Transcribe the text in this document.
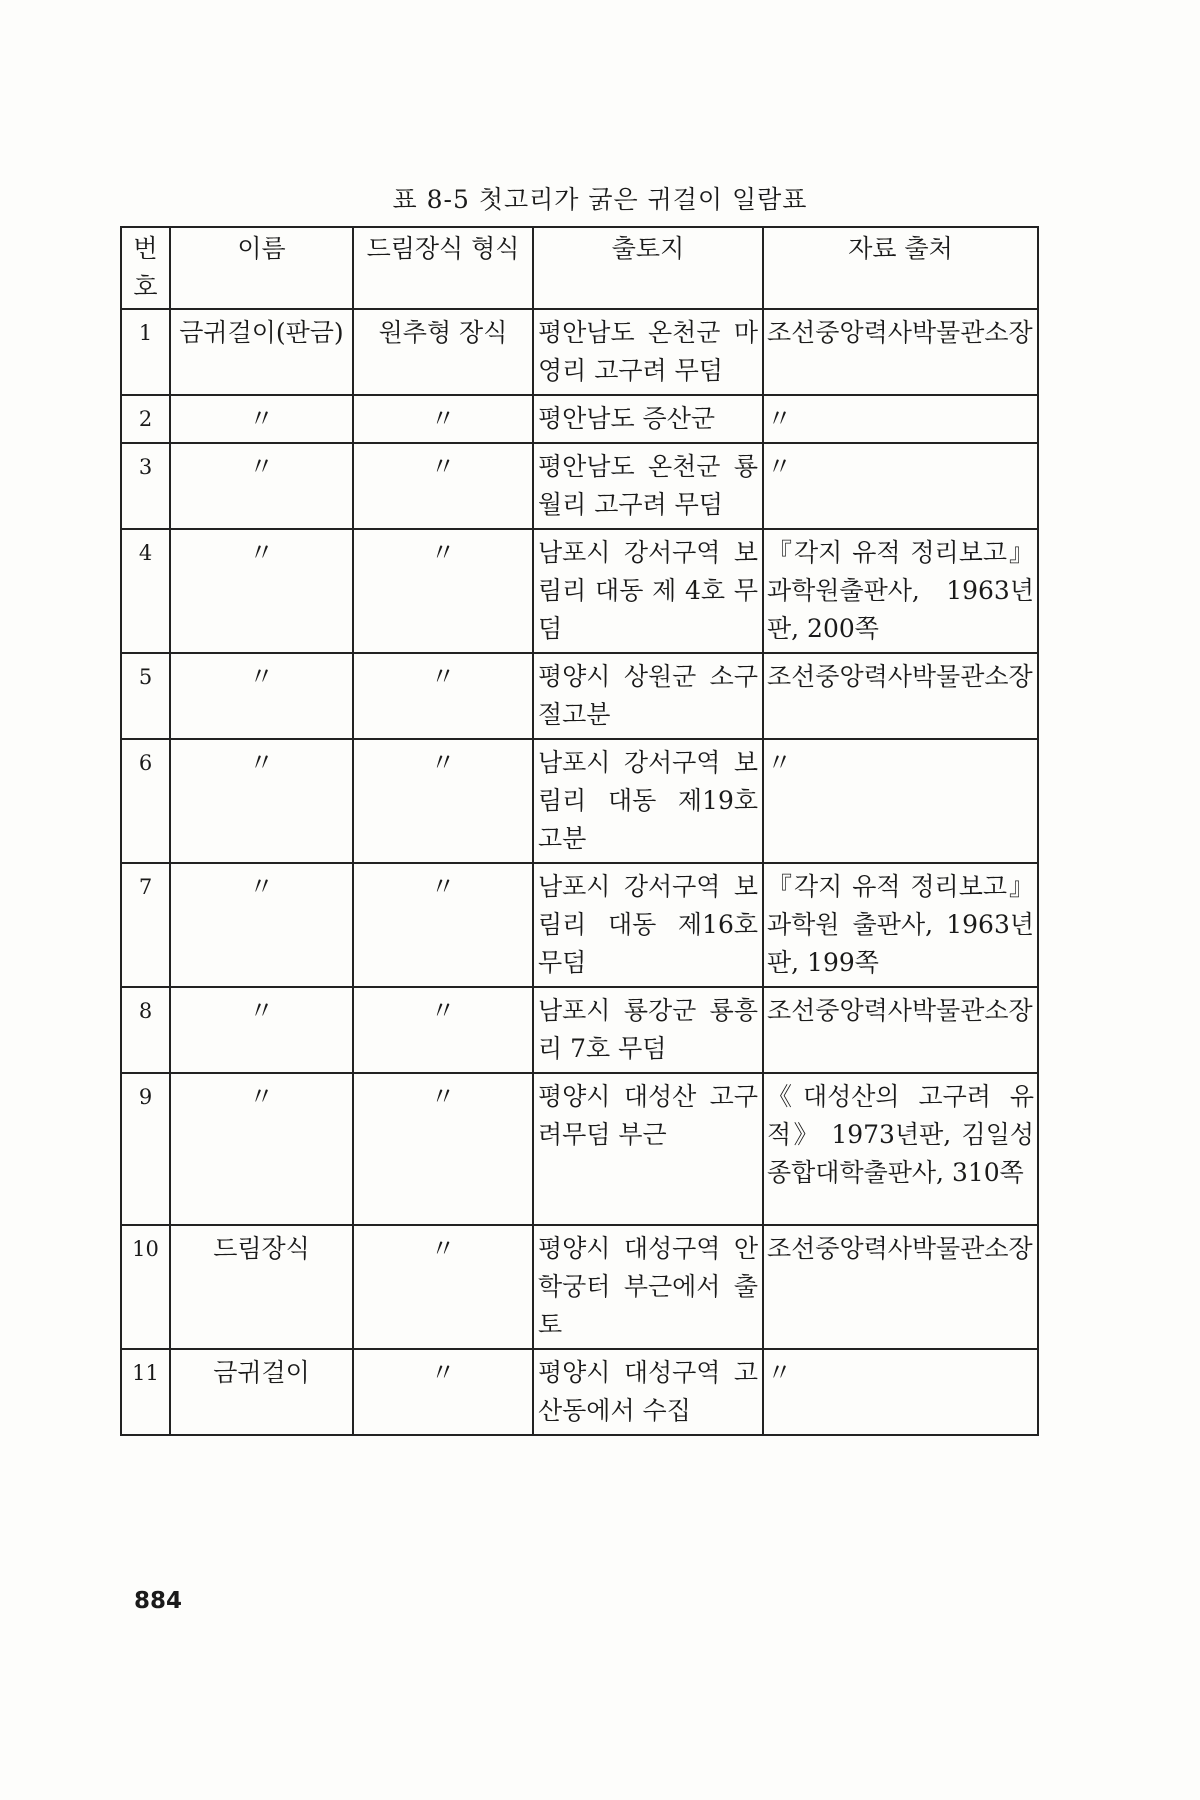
표 8-5 첫고리가 굵은 귀걸이 일람표
번호	이름	드림장식 형식	출토지	자료 출처
1	금귀걸이(판금)	원추형 장식	평안남도 온천군 마영리 고구려 무덤	조선중앙력사박물관소장
2	〃	〃	평안남도 증산군	〃
3	〃	〃	평안남도 온천군 룡월리 고구려 무덤	〃
4	〃	〃	남포시 강서구역 보림리 대동 제 4호 무덤	『각지 유적 정리보고』 과학원출판사, 1963년판, 200쪽
5	〃	〃	평양시 상원군 소구절고분	조선중앙력사박물관소장
6	〃	〃	남포시 강서구역 보림리 대동 제19호 고분	〃
7	〃	〃	남포시 강서구역 보림리 대동 제16호 무덤	『각지 유적 정리보고』 과학원 출판사, 1963년판, 199쪽
8	〃	〃	남포시 룡강군 룡흥리 7호 무덤	조선중앙력사박물관소장
9	〃	〃	평양시 대성산 고구려무덤 부근	《대성산의 고구려 유적》 1973년판, 김일성종합대학출판사, 310쪽
10	드림장식	〃	평양시 대성구역 안학궁터 부근에서 출토	조선중앙력사박물관소장
11	금귀걸이	〃	평양시 대성구역 고산동에서 수집	〃
884
